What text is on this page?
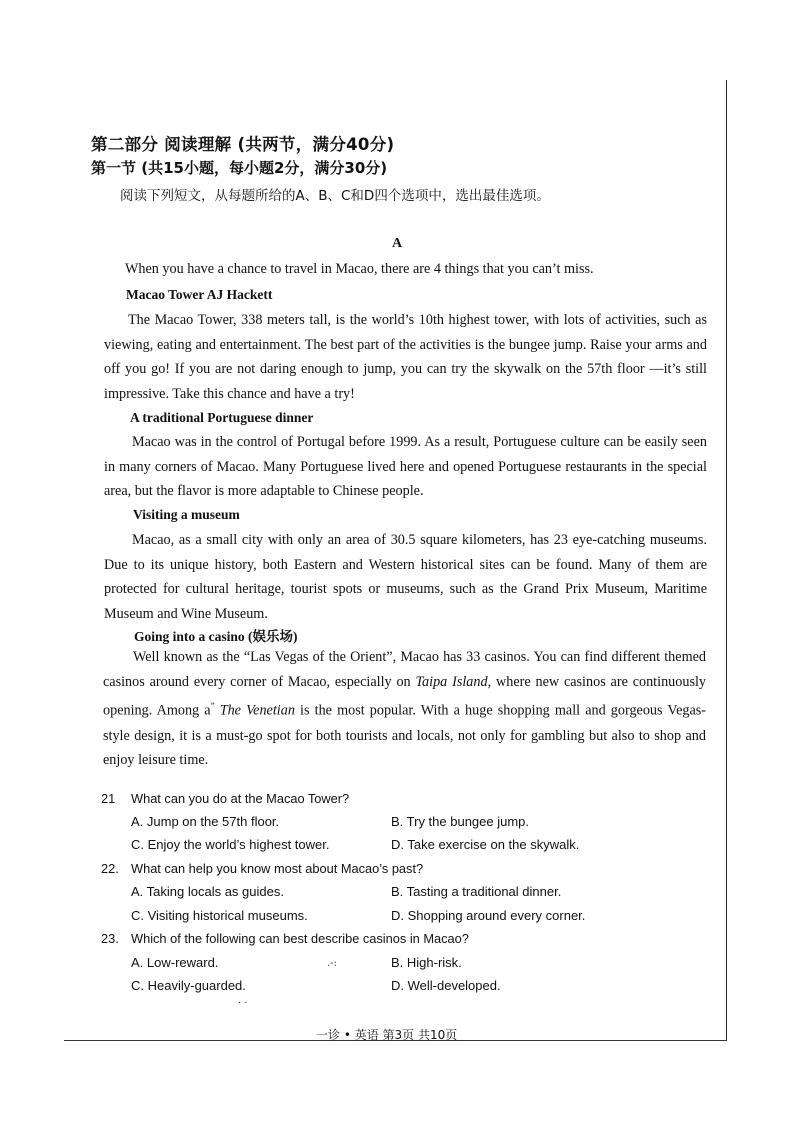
第二部分 阅读理解 (共两节，满分40分)
第一节 (共15小题，每小题2分，满分30分)
阅读下列短文，从每题所给的A、B、C和D四个选项中，选出最佳选项。
A
When you have a chance to travel in Macao, there are 4 things that you can’t miss.
Macao Tower AJ Hackett
The Macao Tower, 338 meters tall, is the world’s 10th highest tower, with lots of activities, such as viewing, eating and entertainment. The best part of the activities is the bungee jump. Raise your arms and off you go! If you are not daring enough to jump, you can try the skywalk on the 57th floor —it’s still impressive. Take this chance and have a try!
A traditional Portuguese dinner
Macao was in the control of Portugal before 1999. As a result, Portuguese culture can be easily seen in many corners of Macao. Many Portuguese lived here and opened Portuguese restaurants in the special area, but the flavor is more adaptable to Chinese people.
Visiting a museum
Macao, as a small city with only an area of 30.5 square kilometers, has 23 eye-catching museums. Due to its unique history, both Eastern and Western historical sites can be found. Many of them are protected for cultural heritage, tourist spots or museums, such as the Grand Prix Museum, Maritime Museum and Wine Museum.
Going into a casino (娱乐场)
Well known as the “Las Vegas of the Orient”, Macao has 33 casinos. You can find different themed casinos around every corner of Macao, especially on Taipa Island, where new casinos are continuously opening. Among a” The Venetian is the most popular. With a huge shopping mall and gorgeous Vegas-style design, it is a must-go spot for both tourists and locals, not only for gambling but also to shop and enjoy leisure time.
21 What can you do at the Macao Tower?
A. Jump on the 57th floor.	B. Try the bungee jump.
C. Enjoy the world’s highest tower.	D. Take exercise on the skywalk.
22. What can help you know most about Macao’s past?
A. Taking locals as guides.	B. Tasting a traditional dinner.
C. Visiting historical museums.	D. Shopping around every corner.
23. Which of the following can best describe casinos in Macao?
A. Low-reward.	.-:	B. High-risk.
C. Heavily-guarded.	D. Well-developed.
· ·
一诊 • 英语 第3页 共10页
